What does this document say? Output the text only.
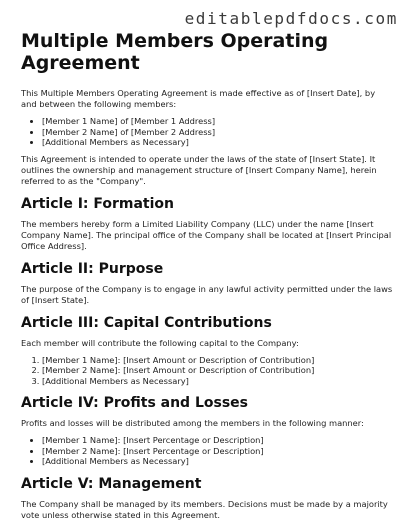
editablepdfdocs.com
Multiple Members Operating Agreement

This Multiple Members Operating Agreement is made effective as of [Insert Date], by and between the following members:

• [Member 1 Name] of [Member 1 Address]
• [Member 2 Name] of [Member 2 Address]
• [Additional Members as Necessary]

This Agreement is intended to operate under the laws of the state of [Insert State]. It outlines the ownership and management structure of [Insert Company Name], herein referred to as the "Company".

Article I: Formation

The members hereby form a Limited Liability Company (LLC) under the name [Insert Company Name]. The principal office of the Company shall be located at [Insert Principal Office Address].

Article II: Purpose

The purpose of the Company is to engage in any lawful activity permitted under the laws of [Insert State].

Article III: Capital Contributions

Each member will contribute the following capital to the Company:

1. [Member 1 Name]: [Insert Amount or Description of Contribution]
2. [Member 2 Name]: [Insert Amount or Description of Contribution]
3. [Additional Members as Necessary]
Article IV: Profits and Losses

Profits and losses will be distributed among the members in the following manner:

• [Member 1 Name]: [Insert Percentage or Description]
• [Member 2 Name]: [Insert Percentage or Description]
• [Additional Members as Necessary]
Article V: Management

The Company shall be managed by its members. Decisions must be made by a majority vote unless otherwise stated in this Agreement.
